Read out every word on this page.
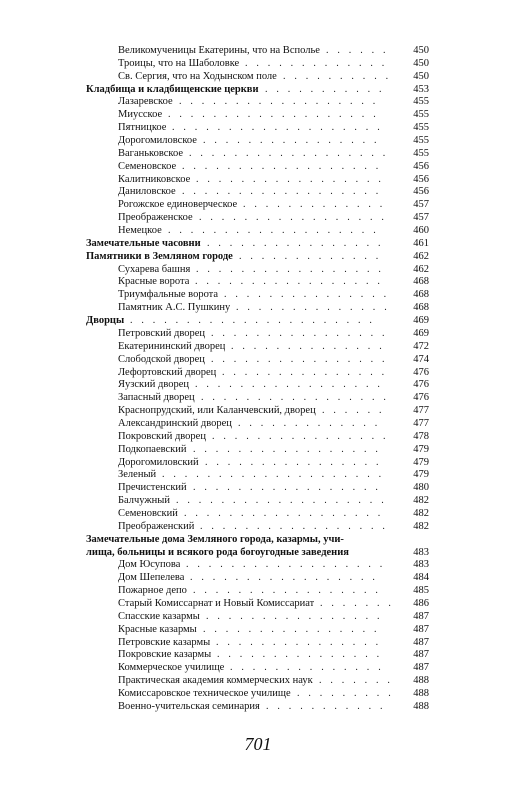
Великомученицы Екатерины, что на Всполье . . . . . .	450
Троицы, что на Шаболовке . . . . . . . . . . . . .	450
Св. Сергия, что на Ходынском поле . . . . . . . . . .	450
Кладбища и кладбищенские церкви . . . . . . . . . . .	453
Лазаревское . . . . . . . . . . . . . . . . . .	455
Миусское . . . . . . . . . . . . . . . . . . .	455
Пятницкое . . . . . . . . . . . . . . . . . . .	455
Дорогомиловское . . . . . . . . . . . . . . . .	455
Ваганьковское . . . . . . . . . . . . . . . . . .	455
Семеновское . . . . . . . . . . . . . . . . . .	456
Калитниковское . . . . . . . . . . . . . . . . .	456
Даниловское . . . . . . . . . . . . . . . . . .	456
Рогожское единоверческое . . . . . . . . . . . . .	457
Преображенское . . . . . . . . . . . . . . . . .	457
Немецкое . . . . . . . . . . . . . . . . . . .	460
Замечательные часовни . . . . . . . . . . . . . . . .	461
Памятники в Земляном городе . . . . . . . . . . . . .	462
Сухарева башня . . . . . . . . . . . . . . . . .	462
Красные ворота . . . . . . . . . . . . . . . . .	468
Триумфальные ворота . . . . . . . . . . . . . . .	468
Памятник А.С. Пушкину . . . . . . . . . . . . . .	468
Дворцы . . . . . . . . . . . . . . . . . . . . . .	469
Петровский дворец . . . . . . . . . . . . . . . .	469
Екатерининский дворец . . . . . . . . . . . . . .	472
Слободской дворец . . . . . . . . . . . . . . . .	474
Лефортовский дворец . . . . . . . . . . . . . . .	476
Яузский дворец . . . . . . . . . . . . . . . . .	476
Запасный дворец . . . . . . . . . . . . . . . . .	476
Краснопрудский, или Каланчевский, дворец . . . . . .	477
Александринский дворец . . . . . . . . . . . . .	477
Покровский дворец . . . . . . . . . . . . . . . .	478
Подкопаевский . . . . . . . . . . . . . . . . .	479
Дорогомиловский . . . . . . . . . . . . . . . .	479
Зеленый . . . . . . . . . . . . . . . . . . . .	479
Пречистенский . . . . . . . . . . . . . . . . .	480
Балчужный . . . . . . . . . . . . . . . . . . .	482
Семеновский . . . . . . . . . . . . . . . . . .	482
Преображенский . . . . . . . . . . . . . . . . .	482
Замечательные дома Земляного города, казармы, учи-
лища, больницы и всякого рода богоугодные заведения	483
Дом Юсупова . . . . . . . . . . . . . . . . . .	483
Дом Шепелева . . . . . . . . . . . . . . . . .	484
Пожарное депо . . . . . . . . . . . . . . . . .	485
Старый Комиссарнат и Новый Комиссариат . . . . . . .	486
Спасские казармы . . . . . . . . . . . . . . . .	487
Красные казармы . . . . . . . . . . . . . . . .	487
Петровские казармы . . . . . . . . . . . . . . .	487
Покровские казармы . . . . . . . . . . . . . . .	487
Коммерческое училище . . . . . . . . . . . . . .	487
Практическая академия коммерческих наук . . . . . . .	488
Комиссаровское техническое училище . . . . . . . . .	488
Военно-учительская семинария . . . . . . . . . . .	488
701
